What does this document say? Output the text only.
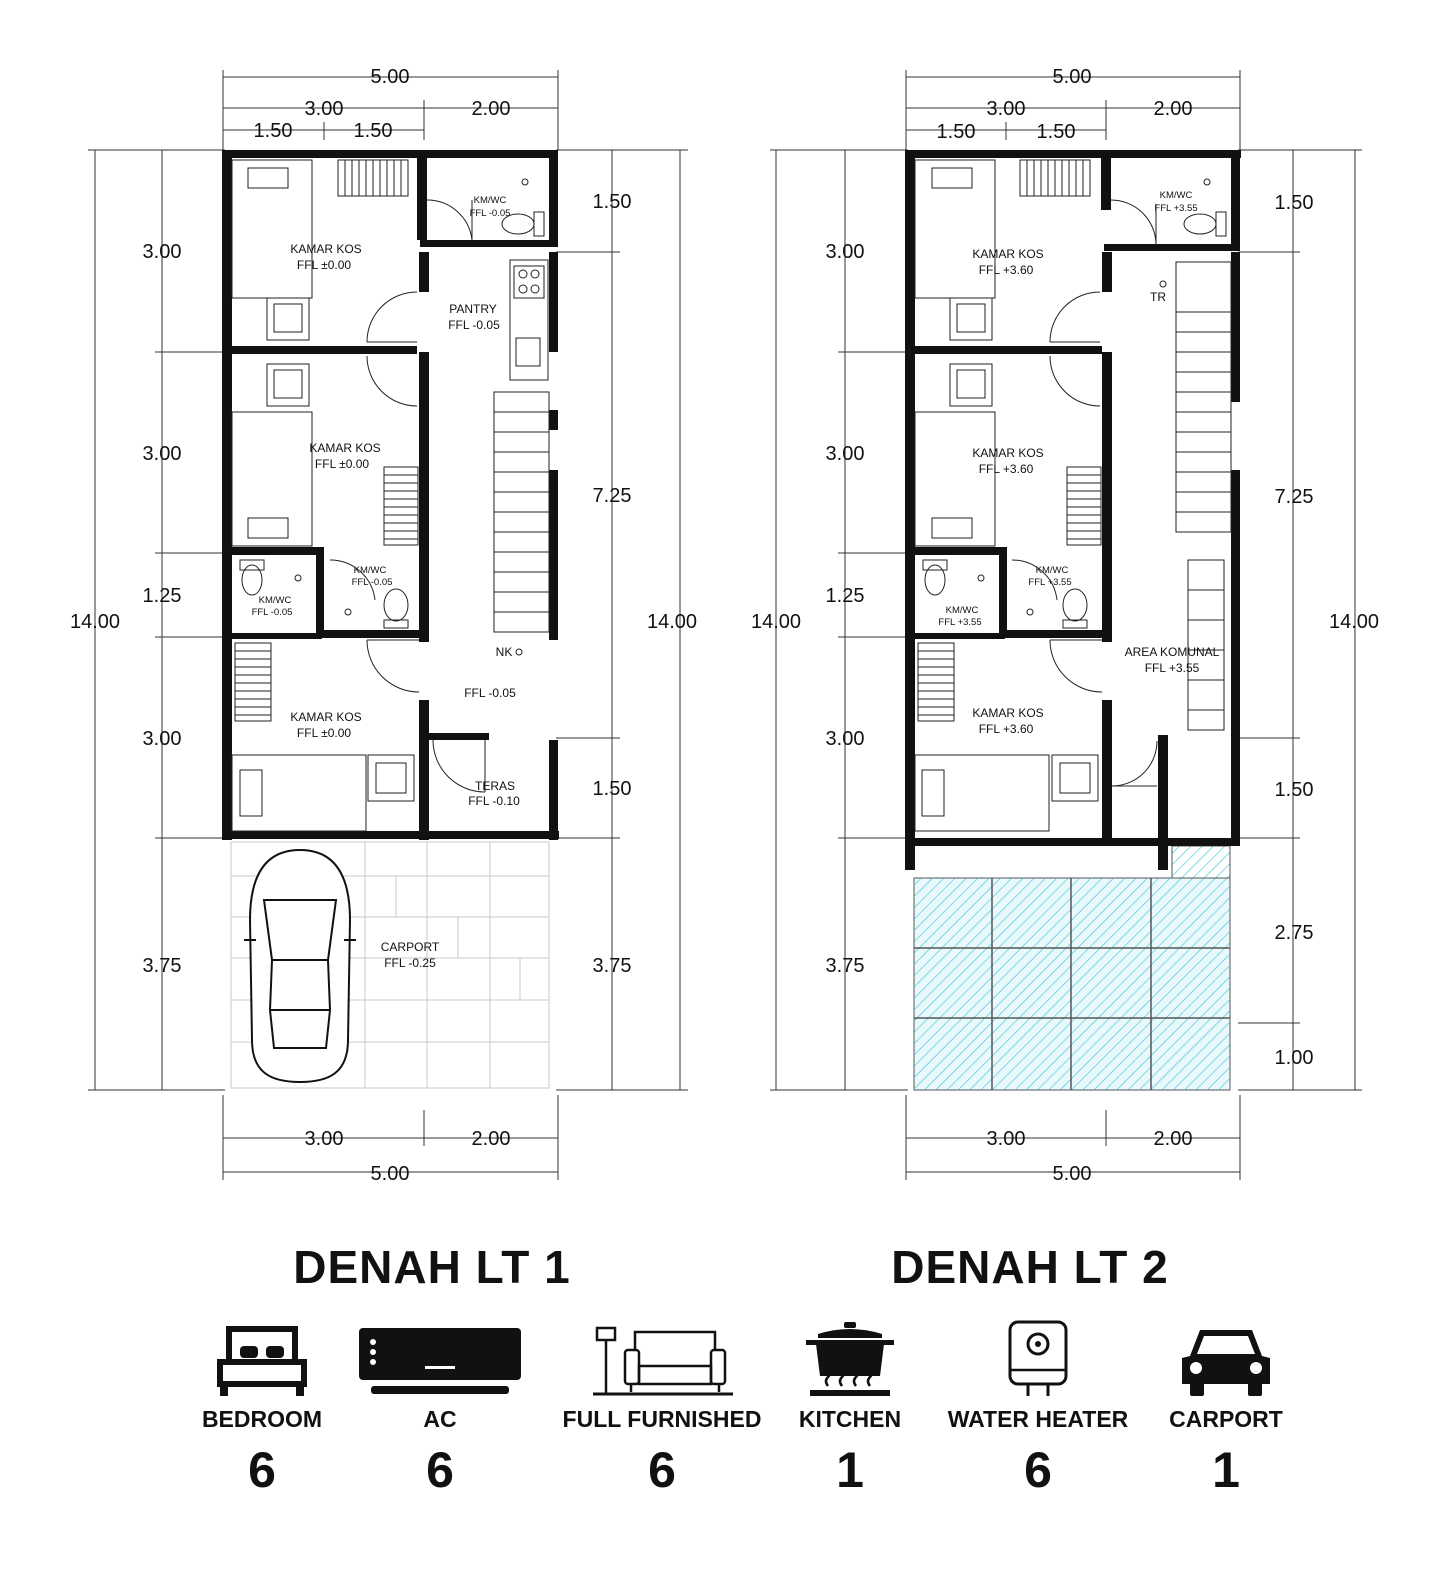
5.00
3.00	2.00
1.50	1.50
3.00
3.00
1.25
3.00
3.75
14.00
1.50
7.25
1.50
3.75
14.00
3.00	2.00
5.00
KM/WC
FFL -0.05
KAMAR KOS
FFL ±0.00
PANTRY
FFL -0.05
KAMAR KOS
FFL ±0.00
KM/WC
FFL -0.05
KM/WC
FFL -0.05
NK
FFL -0.05
KAMAR KOS
FFL ±0.00
TERAS
FFL -0.10
CARPORT
FFL -0.25
5.00
3.00	2.00
1.50	1.50
3.00
3.00
1.25
3.00
3.75
14.00
1.50
7.25
1.50
2.75
1.00
14.00
3.00	2.00
5.00
KM/WC
FFL +3.55
KAMAR KOS
FFL +3.60
TR
KAMAR KOS
FFL +3.60
KM/WC
FFL +3.55
KM/WC
FFL +3.55
AREA KOMUNAL
FFL +3.55
KAMAR KOS
FFL +3.60
DENAH LT 1	DENAH LT 2
BEDROOM
6
AC
6
FULL FURNISHED
6
KITCHEN
1
WATER HEATER
6
CARPORT
1
